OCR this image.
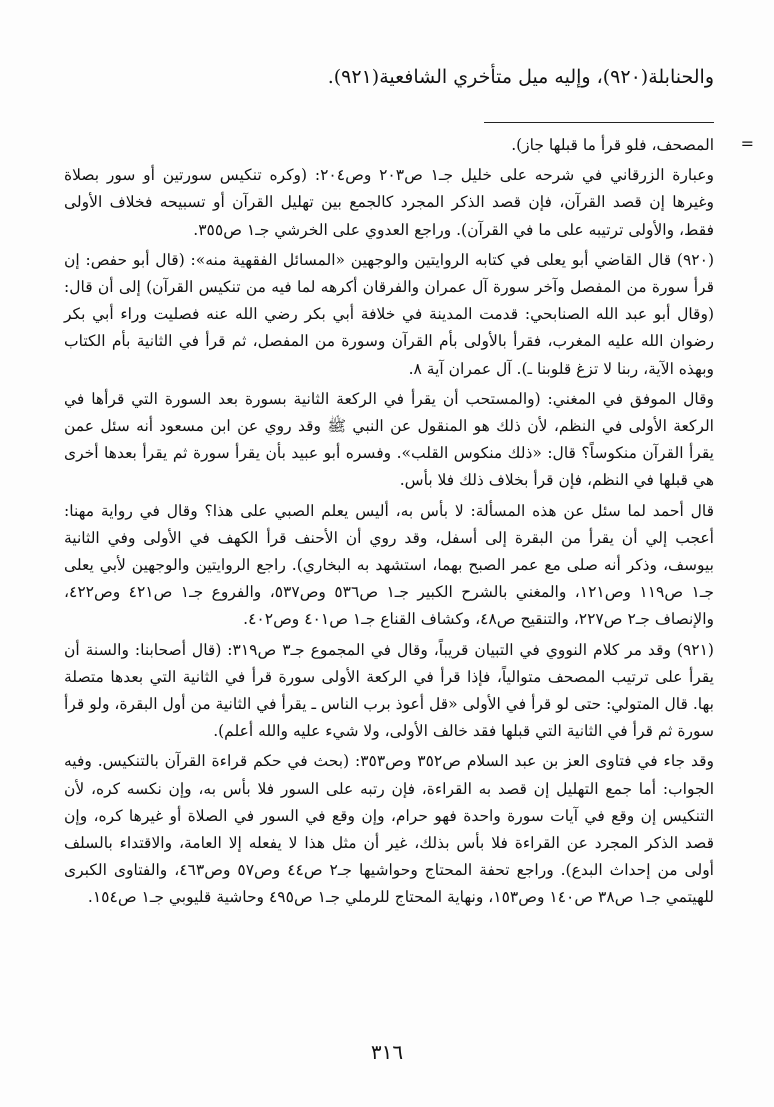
والحنابلة(٩٢٠)، وإليه ميل متأخري الشافعية(٩٢١).

=

المصحف، فلو قرأ ما قبلها جاز).

وعبارة الزرقاني في شرحه على خليل جـ١ ص٢٠٣ وص٢٠٤: (وكره تنكيس سورتين أو سور بصلاة وغيرها إن قصد القرآن، فإن قصد الذكر المجرد كالجمع بين تهليل القرآن أو تسبيحه فخلاف الأولى فقط، والأولى ترتيبه على ما في القرآن). وراجع العدوي على الخرشي جـ١ ص٣٥٥.

(٩٢٠) قال القاضي أبو يعلى في كتابه الروايتين والوجهين «المسائل الفقهية منه»: (قال أبو حفص: إن قرأ سورة من المفصل وآخر سورة آل عمران والفرقان أكرهه لما فيه من تنكيس القرآن) إلى أن قال: (وقال أبو عبد الله الصنابحي: قدمت المدينة في خلافة أبي بكر رضي الله عنه فصليت وراء أبي بكر رضوان الله عليه المغرب، فقرأ بالأولى بأم القرآن وسورة من المفصل، ثم قرأ في الثانية بأم الكتاب وبهذه الآية، ربنا لا تزغ قلوبنا ـ). آل عمران آية ٨.

وقال الموفق في المغني: (والمستحب أن يقرأ في الركعة الثانية بسورة بعد السورة التي قرأها في الركعة الأولى في النظم، لأن ذلك هو المنقول عن النبي ﷺ وقد روي عن ابن مسعود أنه سئل عمن يقرأ القرآن منكوساً؟ قال: «ذلك منكوس القلب». وفسره أبو عبيد بأن يقرأ سورة ثم يقرأ بعدها أخرى هي قبلها في النظم، فإن قرأ بخلاف ذلك فلا بأس.

قال أحمد لما سئل عن هذه المسألة: لا بأس به، أليس يعلم الصبي على هذا؟ وقال في رواية مهنا: أعجب إلي أن يقرأ من البقرة إلى أسفل، وقد روي أن الأحنف قرأ الكهف في الأولى وفي الثانية بيوسف، وذكر أنه صلى مع عمر الصبح بهما، استشهد به البخاري). راجع الروايتين والوجهين لأبي يعلى جـ١ ص١١٩ وص١٢١، والمغني بالشرح الكبير جـ١ ص٥٣٦ وص٥٣٧، والفروع جـ١ ص٤٢١ وص٤٢٢، والإنصاف جـ٢ ص٢٢٧، والتنقيح ص٤٨، وكشاف القناع جـ١ ص٤٠١ وص٤٠٢.

(٩٢١) وقد مر كلام النووي في التبيان قريباً، وقال في المجموع جـ٣ ص٣١٩: (قال أصحابنا: والسنة أن يقرأ على ترتيب المصحف متوالياً، فإذا قرأ في الركعة الأولى سورة قرأ في الثانية التي بعدها متصلة بها. قال المتولي: حتى لو قرأ في الأولى «قل أعوذ برب الناس ـ يقرأ في الثانية من أول البقرة، ولو قرأ سورة ثم قرأ في الثانية التي قبلها فقد خالف الأولى، ولا شيء عليه والله أعلم).

وقد جاء في فتاوى العز بن عبد السلام ص٣٥٢ وص٣٥٣: (بحث في حكم قراءة القرآن بالتنكيس. وفيه الجواب: أما جمع التهليل إن قصد به القراءة، فإن رتبه على السور فلا بأس به، وإن نكسه كره، لأن التنكيس إن وقع في آيات سورة واحدة فهو حرام، وإن وقع في السور في الصلاة أو غيرها كره، وإن قصد الذكر المجرد عن القراءة فلا بأس بذلك، غير أن مثل هذا لا يفعله إلا العامة، والاقتداء بالسلف أولى من إحداث البدع). وراجع تحفة المحتاج وحواشيها جـ٢ ص٤٤ وص٥٧ وص٤٦٣، والفتاوى الكبرى للهيتمي جـ١ ص٣٨ ص١٤٠ وص١٥٣، ونهاية المحتاج للرملي جـ١ ص٤٩٥ وحاشية قليوبي جـ١ ص١٥٤.

٣١٦
